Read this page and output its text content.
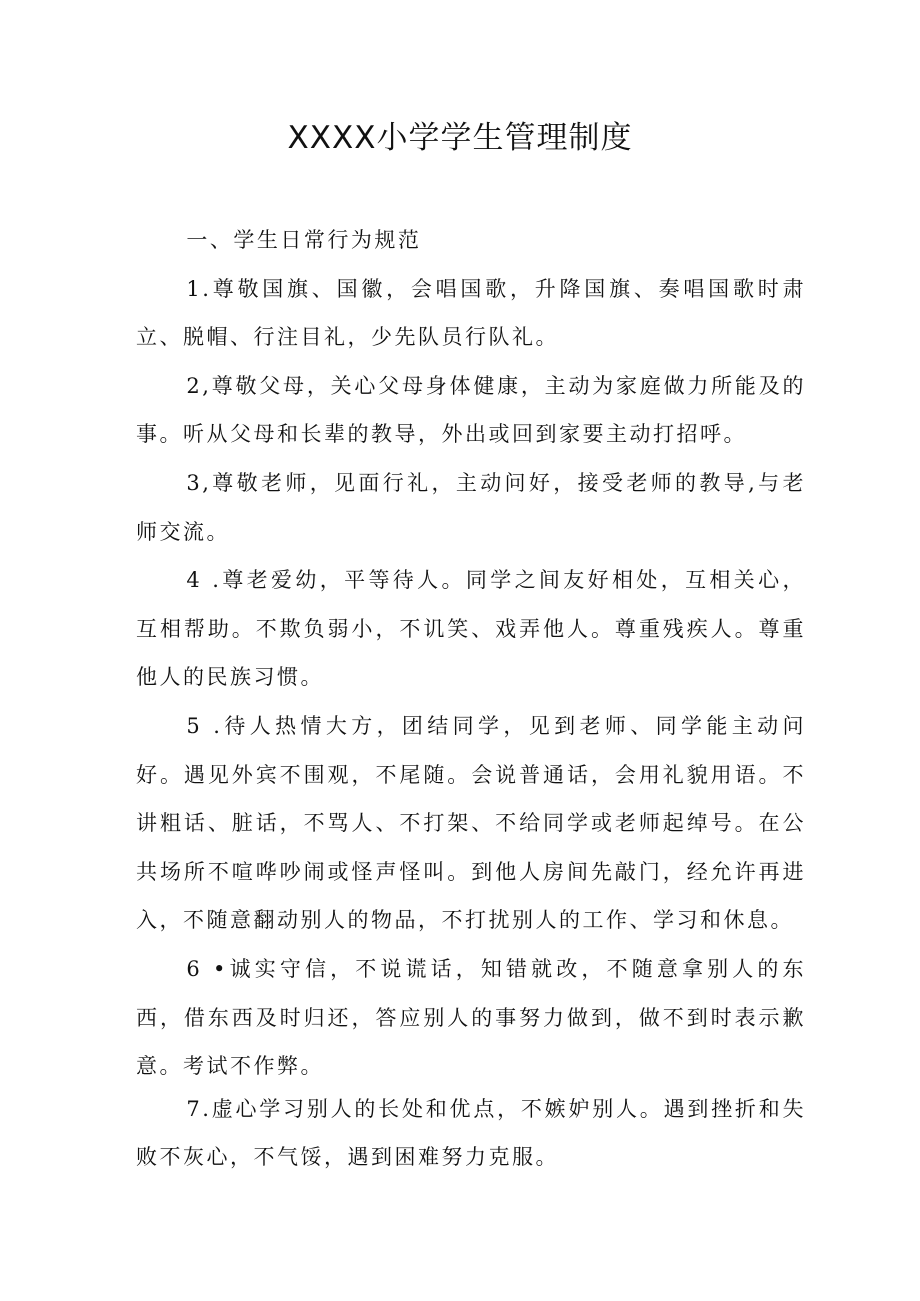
XXXX小学学生管理制度

一、学生日常行为规范

1.尊敬国旗、国徽，会唱国歌，升降国旗、奏唱国歌时肃立、脱帽、行注目礼，少先队员行队礼。

2,尊敬父母，关心父母身体健康，主动为家庭做力所能及的事。听从父母和长辈的教导，外出或回到家要主动打招呼。

3,尊敬老师，见面行礼，主动问好，接受老师的教导,与老师交流。

4 .尊老爱幼，平等待人。同学之间友好相处，互相关心，互相帮助。不欺负弱小，不讥笑、戏弄他人。尊重残疾人。尊重他人的民族习惯。

5 .待人热情大方，团结同学，见到老师、同学能主动问好。遇见外宾不围观，不尾随。会说普通话，会用礼貌用语。不讲粗话、脏话，不骂人、不打架、不给同学或老师起绰号。在公共场所不喧哗吵闹或怪声怪叫。到他人房间先敲门，经允许再进入，不随意翻动别人的物品，不打扰别人的工作、学习和休息。

6 •诚实守信，不说谎话，知错就改，不随意拿别人的东西，借东西及时归还，答应别人的事努力做到，做不到时表示歉意。考试不作弊。

7.虚心学习别人的长处和优点，不嫉妒别人。遇到挫折和失败不灰心，不气馁，遇到困难努力克服。
